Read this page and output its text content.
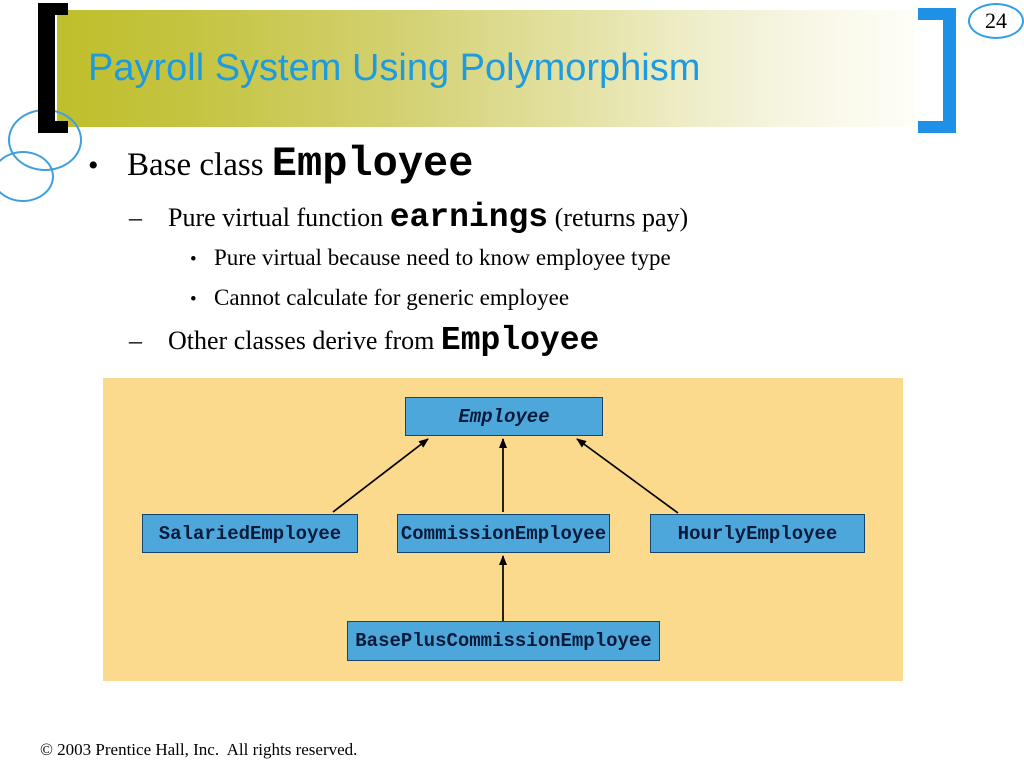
Payroll System Using Polymorphism
24
• Base class Employee
–	Pure virtual function earnings (returns pay)
• Pure virtual because need to know employee type
• Cannot calculate for generic employee
–	Other classes derive from Employee
Employee
SalariedEmployee	CommissionEmployee	HourlyEmployee
BasePlusCommissionEmployee
© 2003 Prentice Hall, Inc.  All rights reserved.
